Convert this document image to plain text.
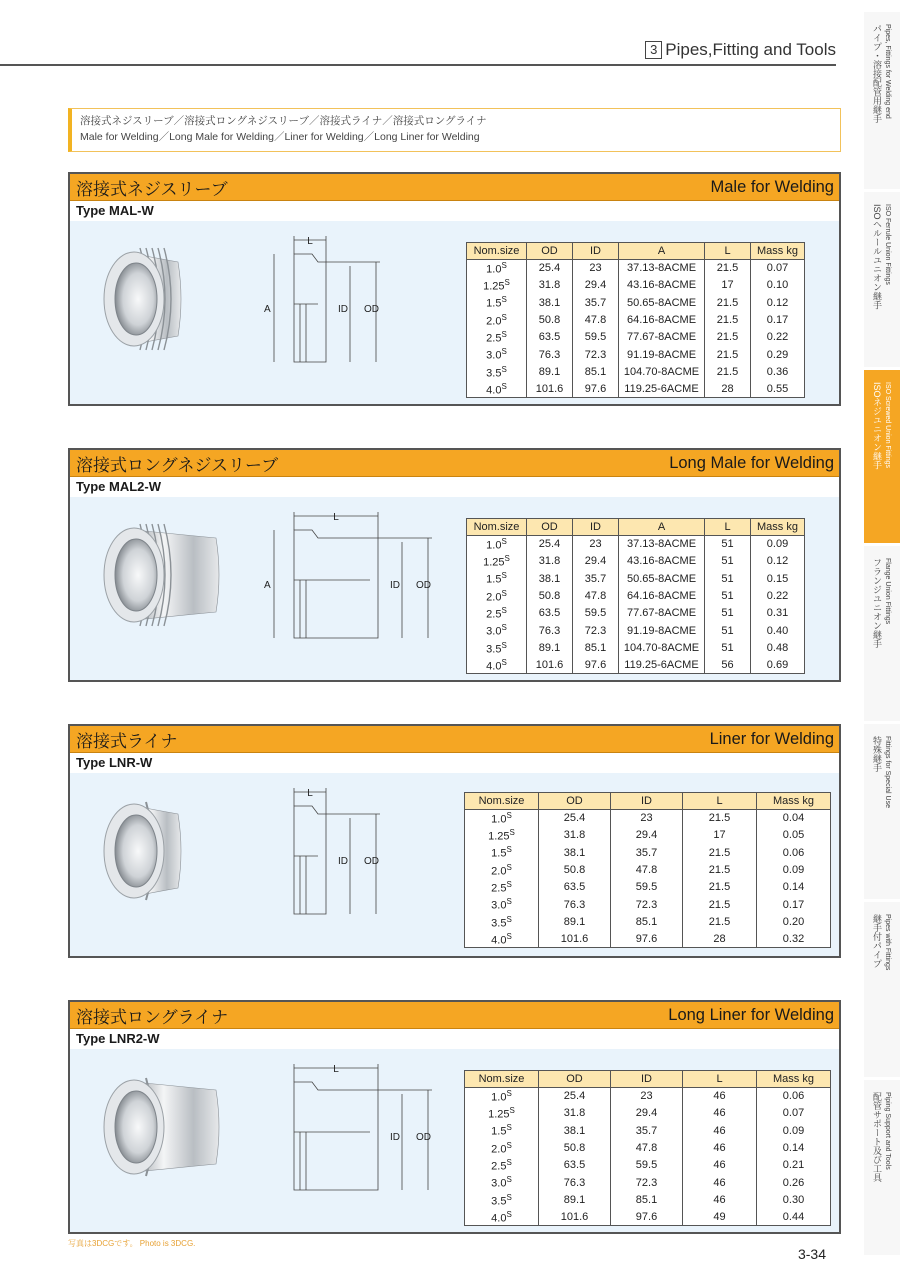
3 Pipes,Fitting and Tools
溶接式ネジスリーブ／溶接式ロングネジスリーブ／溶接式ライナ／溶接式ロングライナ
Male for Welding／Long Male for Welding／Liner for Welding／Long Liner for Welding
パイプ・溶接配管用継手 Pipes, Fittings for Welding end
ISOヘルールユニオン継手 ISO Ferrule Union Fittings
ISOネジユニオン継手 ISO Screwed Union Fittings
フランジユニオン継手 Flange Union Fittings
特殊継手 Fittings for Special Use
継手付パイプ Pipes with Fittings
配管サポート及び工具 Piping Support and Tools
溶接式ネジスリーブ	Male for Welding
Type MAL-W
L
A	ID OD
Nom.size	OD	ID	A	L	Mass kg
$1.0^S$	25.4	23	37.13-8ACME	21.5	0.07
$1.25^S$	31.8	29.4	43.16-8ACME	17	0.10
$1.5^S$	38.1	35.7	50.65-8ACME	21.5	0.12
$2.0^S$	50.8	47.8	64.16-8ACME	21.5	0.17
$2.5^S$	63.5	59.5	77.67-8ACME	21.5	0.22
$3.0^S$	76.3	72.3	91.19-8ACME	21.5	0.29
$3.5^S$	89.1	85.1	104.70-8ACME	21.5	0.36
$4.0^S$	101.6	97.6	119.25-6ACME	28	0.55
溶接式ロングネジスリーブ	Long Male for Welding
Type MAL2-W
L
A	ID OD
Nom.size	OD	ID	A	L	Mass kg
$1.0^S$	25.4	23	37.13-8ACME	51	0.09
$1.25^S$	31.8	29.4	43.16-8ACME	51	0.12
$1.5^S$	38.1	35.7	50.65-8ACME	51	0.15
$2.0^S$	50.8	47.8	64.16-8ACME	51	0.22
$2.5^S$	63.5	59.5	77.67-8ACME	51	0.31
$3.0^S$	76.3	72.3	91.19-8ACME	51	0.40
$3.5^S$	89.1	85.1	104.70-8ACME	51	0.48
$4.0^S$	101.6	97.6	119.25-6ACME	56	0.69
溶接式ライナ	Liner for Welding
Type LNR-W
L
ID OD
Nom.size	OD	ID	L	Mass kg
$1.0^S$	25.4	23	21.5	0.04
$1.25^S$	31.8	29.4	17	0.05
$1.5^S$	38.1	35.7	21.5	0.06
$2.0^S$	50.8	47.8	21.5	0.09
$2.5^S$	63.5	59.5	21.5	0.14
$3.0^S$	76.3	72.3	21.5	0.17
$3.5^S$	89.1	85.1	21.5	0.20
$4.0^S$	101.6	97.6	28	0.32
溶接式ロングライナ	Long Liner for Welding
Type LNR2-W
L
ID OD
Nom.size	OD	ID	L	Mass kg
$1.0^S$	25.4	23	46	0.06
$1.25^S$	31.8	29.4	46	0.07
$1.5^S$	38.1	35.7	46	0.09
$2.0^S$	50.8	47.8	46	0.14
$2.5^S$	63.5	59.5	46	0.21
$3.0^S$	76.3	72.3	46	0.26
$3.5^S$	89.1	85.1	46	0.30
$4.0^S$	101.6	97.6	49	0.44
写真は3DCGです。 Photo is 3DCG.
3-34
